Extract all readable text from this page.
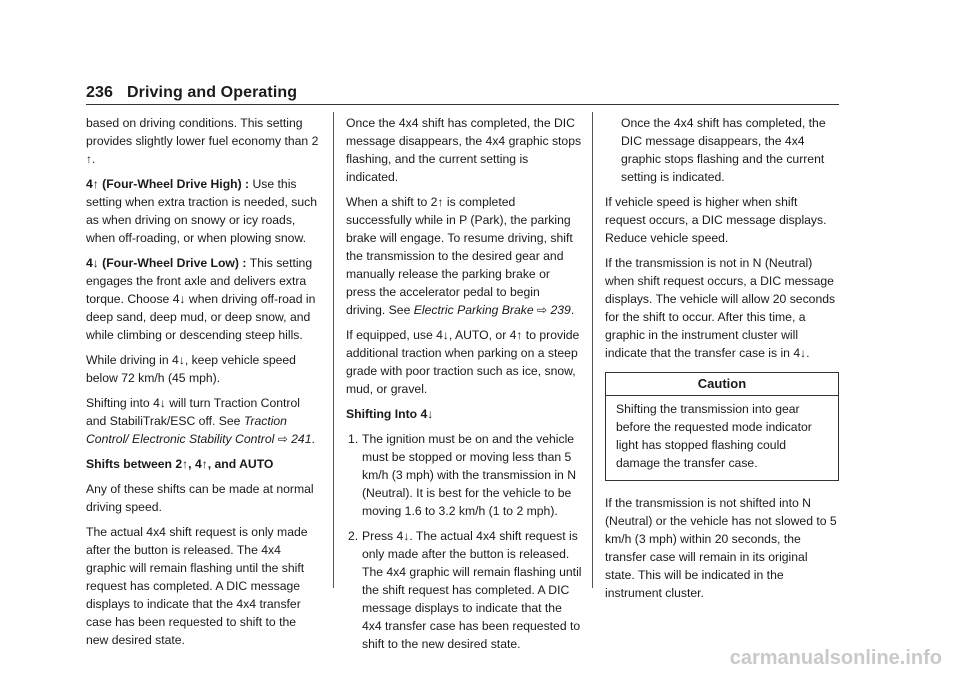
236 Driving and Operating

based on driving conditions. This setting provides slightly lower fuel economy than 2 ↑.

4↑ (Four-Wheel Drive High) : Use this setting when extra traction is needed, such as when driving on snowy or icy roads, when off-roading, or when plowing snow.

4↓ (Four-Wheel Drive Low) : This setting engages the front axle and delivers extra torque. Choose 4↓ when driving off-road in deep sand, deep mud, or deep snow, and while climbing or descending steep hills.

While driving in 4↓, keep vehicle speed below 72 km/h (45 mph).

Shifting into 4↓ will turn Traction Control and StabiliTrak/ESC off. See Traction Control/ Electronic Stability Control ⇨ 241.

Shifts between 2↑, 4↑, and AUTO

Any of these shifts can be made at normal driving speed.

The actual 4x4 shift request is only made after the button is released. The 4x4 graphic will remain flashing until the shift request has completed. A DIC message displays to indicate that the 4x4 transfer case has been requested to shift to the new desired state.

Once the 4x4 shift has completed, the DIC message disappears, the 4x4 graphic stops flashing, and the current setting is indicated.

When a shift to 2↑ is completed successfully while in P (Park), the parking brake will engage. To resume driving, shift the transmission to the desired gear and manually release the parking brake or press the accelerator pedal to begin driving. See Electric Parking Brake ⇨ 239.

If equipped, use 4↓, AUTO, or 4↑ to provide additional traction when parking on a steep grade with poor traction such as ice, snow, mud, or gravel.

Shifting Into 4↓

1. The ignition must be on and the vehicle must be stopped or moving less than 5 km/h (3 mph) with the transmission in N (Neutral). It is best for the vehicle to be moving 1.6 to 3.2 km/h (1 to 2 mph).
2. Press 4↓. The actual 4x4 shift request is only made after the button is released. The 4x4 graphic will remain flashing until the shift request has completed. A DIC message displays to indicate that the 4x4 transfer case has been requested to shift to the new desired state.

Once the 4x4 shift has completed, the DIC message disappears, the 4x4 graphic stops flashing and the current setting is indicated.

If vehicle speed is higher when shift request occurs, a DIC message displays. Reduce vehicle speed.

If the transmission is not in N (Neutral) when shift request occurs, a DIC message displays. The vehicle will allow 20 seconds for the shift to occur. After this time, a graphic in the instrument cluster will indicate that the transfer case is in 4↓.

Caution
Shifting the transmission into gear before the requested mode indicator light has stopped flashing could damage the transfer case.

If the transmission is not shifted into N (Neutral) or the vehicle has not slowed to 5 km/h (3 mph) within 20 seconds, the transfer case will remain in its original state. This will be indicated in the instrument cluster.

carmanualsonline.info
